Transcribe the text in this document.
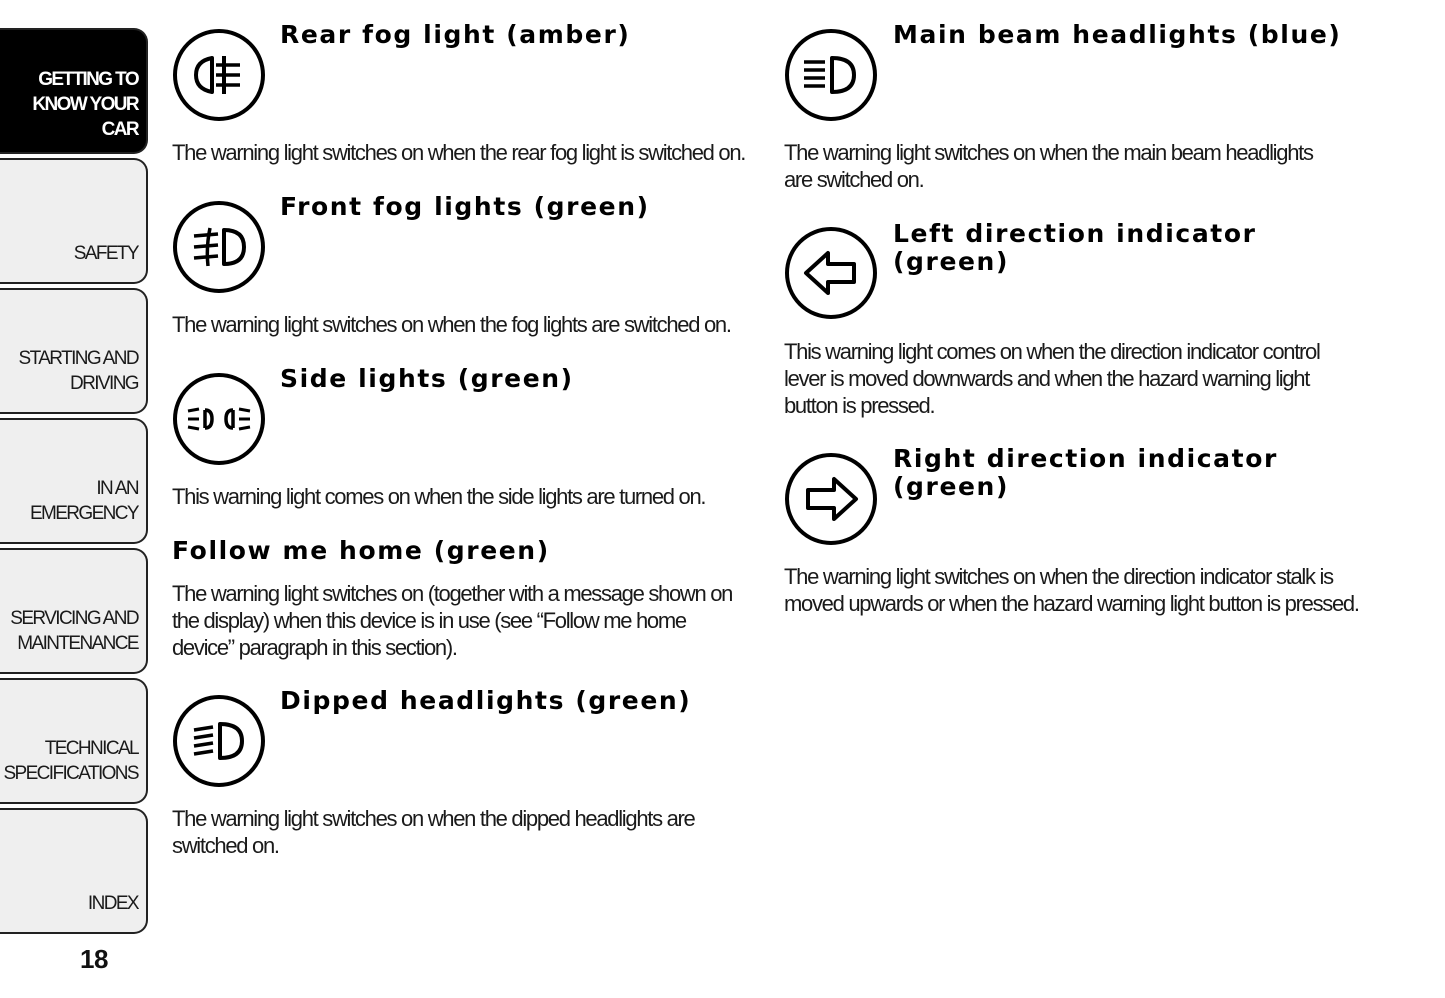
GETTING TO
KNOW YOUR CAR
SAFETY
STARTING AND
DRIVING
IN AN EMERGENCY
SERVICING AND
MAINTENANCE
TECHNICAL
SPECIFICATIONS
INDEX
18
Rear fog light (amber)

The warning light switches on when the rear fog light is switched on.

Front fog lights (green)

The warning light switches on when the fog lights are switched on.

Side lights (green)

This warning light comes on when the side lights are turned on.

Follow me home (green)

The warning light switches on (together with a message shown on the display) when this device is in use (see “Follow me home device” paragraph in this section).

Dipped headlights (green)

The warning light switches on when the dipped headlights are switched on.

Main beam headlights (blue)

The warning light switches on when the main beam headlights are switched on.

Left direction indicator (green)

This warning light comes on when the direction indicator control lever is moved downwards and when the hazard warning light button is pressed.

Right direction indicator (green)

The warning light switches on when the direction indicator stalk is moved upwards or when the hazard warning light button is pressed.
